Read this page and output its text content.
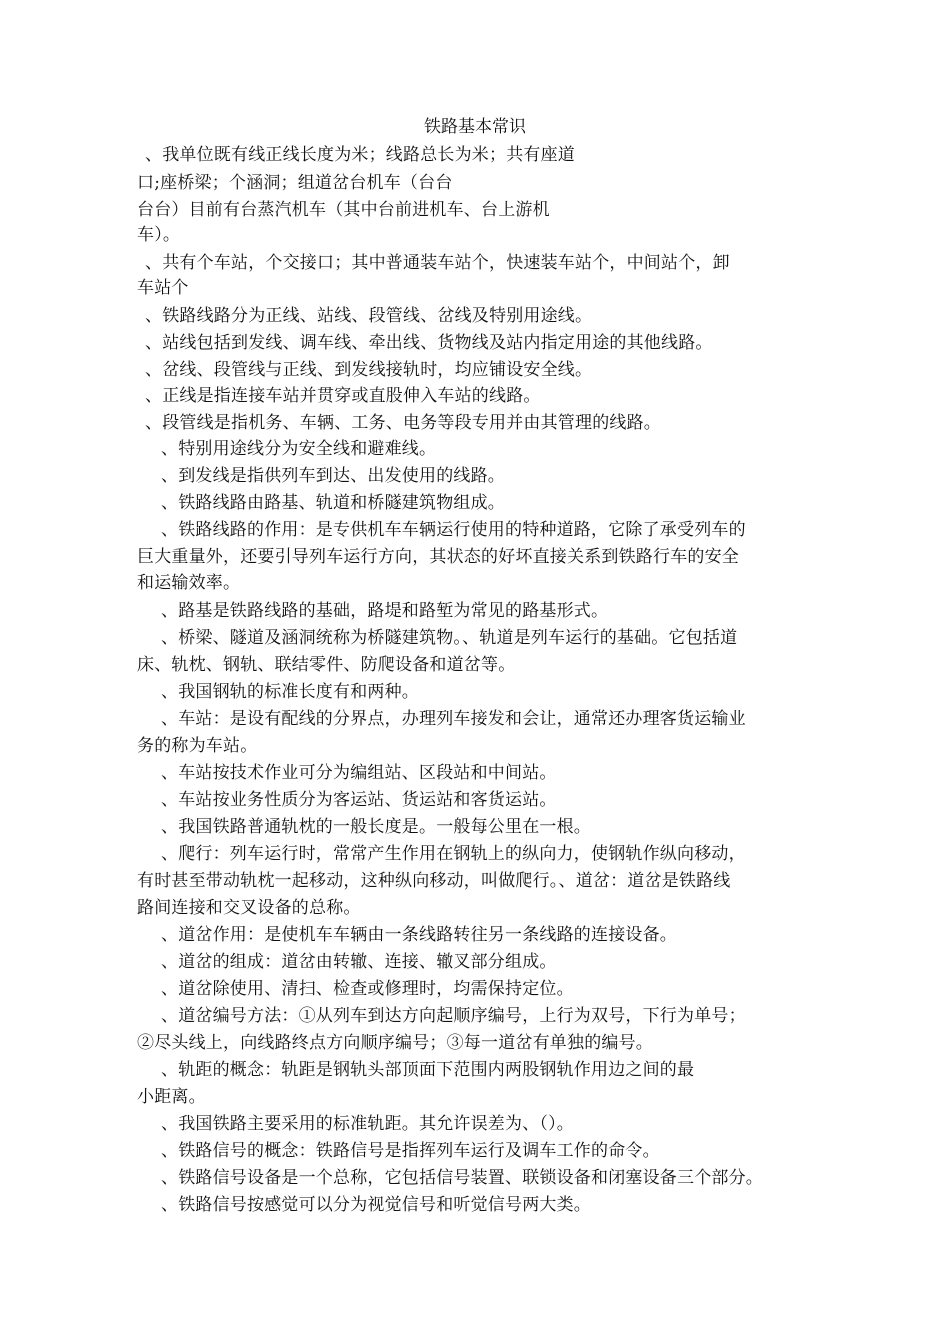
铁路基本常识
、我单位既有线正线长度为米；线路总长为米；共有座道
口;座桥梁；个涵洞；组道岔台机车（台台
台台）目前有台蒸汽机车（其中台前进机车、台上游机
车）。
、共有个车站，个交接口；其中普通装车站个，快速装车站个，中间站个，卸
车站个
、铁路线路分为正线、站线、段管线、岔线及特别用途线。
、站线包括到发线、调车线、牵出线、货物线及站内指定用途的其他线路。
、岔线、段管线与正线、到发线接轨时，均应铺设安全线。
、正线是指连接车站并贯穿或直股伸入车站的线路。
、段管线是指机务、车辆、工务、电务等段专用并由其管理的线路。
、特别用途线分为安全线和避难线。
、到发线是指供列车到达、出发使用的线路。
、铁路线路由路基、轨道和桥隧建筑物组成。
、铁路线路的作用：是专供机车车辆运行使用的特种道路，它除了承受列车的
巨大重量外，还要引导列车运行方向，其状态的好坏直接关系到铁路行车的安全
和运输效率。
、路基是铁路线路的基础，路堤和路堑为常见的路基形式。
、桥梁、隧道及涵洞统称为桥隧建筑物。、轨道是列车运行的基础。它包括道
床、轨枕、钢轨、联结零件、防爬设备和道岔等。
、我国钢轨的标准长度有和两种。
、车站：是设有配线的分界点，办理列车接发和会让，通常还办理客货运输业
务的称为车站。
、车站按技术作业可分为编组站、区段站和中间站。
、车站按业务性质分为客运站、货运站和客货运站。
、我国铁路普通轨枕的一般长度是。一般每公里在一根。
、爬行：列车运行时，常常产生作用在钢轨上的纵向力，使钢轨作纵向移动，
有时甚至带动轨枕一起移动，这种纵向移动，叫做爬行。、道岔：道岔是铁路线
路间连接和交叉设备的总称。
、道岔作用：是使机车车辆由一条线路转往另一条线路的连接设备。
、道岔的组成：道岔由转辙、连接、辙叉部分组成。
、道岔除使用、清扫、检查或修理时，均需保持定位。
、道岔编号方法：①从列车到达方向起顺序编号，上行为双号，下行为单号；
②尽头线上，向线路终点方向顺序编号；③每一道岔有单独的编号。
、轨距的概念：轨距是钢轨头部顶面下范围内两股钢轨作用边之间的最
小距离。
、我国铁路主要采用的标准轨距。其允许误差为、（）。
、铁路信号的概念：铁路信号是指挥列车运行及调车工作的命令。
、铁路信号设备是一个总称，它包括信号装置、联锁设备和闭塞设备三个部分。
、铁路信号按感觉可以分为视觉信号和听觉信号两大类。
